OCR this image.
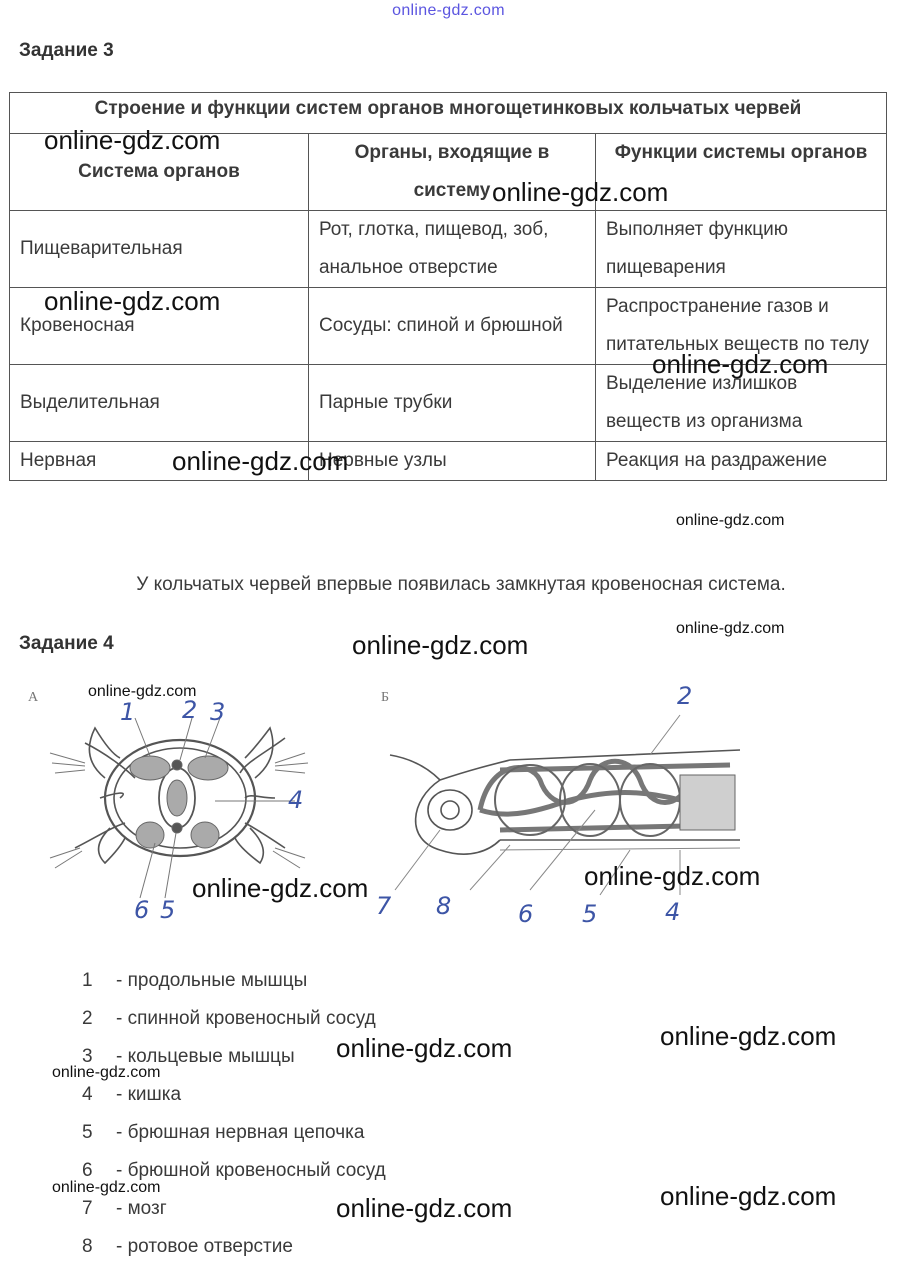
online-gdz.com
Задание 3
Строение и функции систем органов многощетинковых кольчатых червей		
Система органов	Органы, входящие в систему	Функции системы органов
Пищеварительная	Рот, глотка, пищевод, зоб, анальное отверстие	Выполняет функцию пищеварения
Кровеносная	Сосуды: спиной и брюшной	Распространение газов и питательных веществ по телу
Выделительная	Парные трубки	Выделение излишков веществ из организма
Нервная	Нервные узлы	Реакция на раздражение
У кольчатых червей впервые появилась замкнутая кровеносная система.
Задание 4
А
1 2 3
4
6 5
Б	2
7 8	6 5	4
1 - продольные мышцы
2 - спинной кровеносный сосуд
3 - кольцевые мышцы
4 - кишка
5 - брюшная нервная цепочка
6 - брюшной кровеносный сосуд
7 - мозг
8 - ротовое отверстие
online-gdz.com
online-gdz.com
online-gdz.com
online-gdz.com
online-gdz.com
online-gdz.com
online-gdz.com
online-gdz.com
online-gdz.com
online-gdz.com	online-gdz.com
online-gdz.com
online-gdz.com
online-gdz.com
online-gdz.com	online-gdz.com
online-gdz.com
